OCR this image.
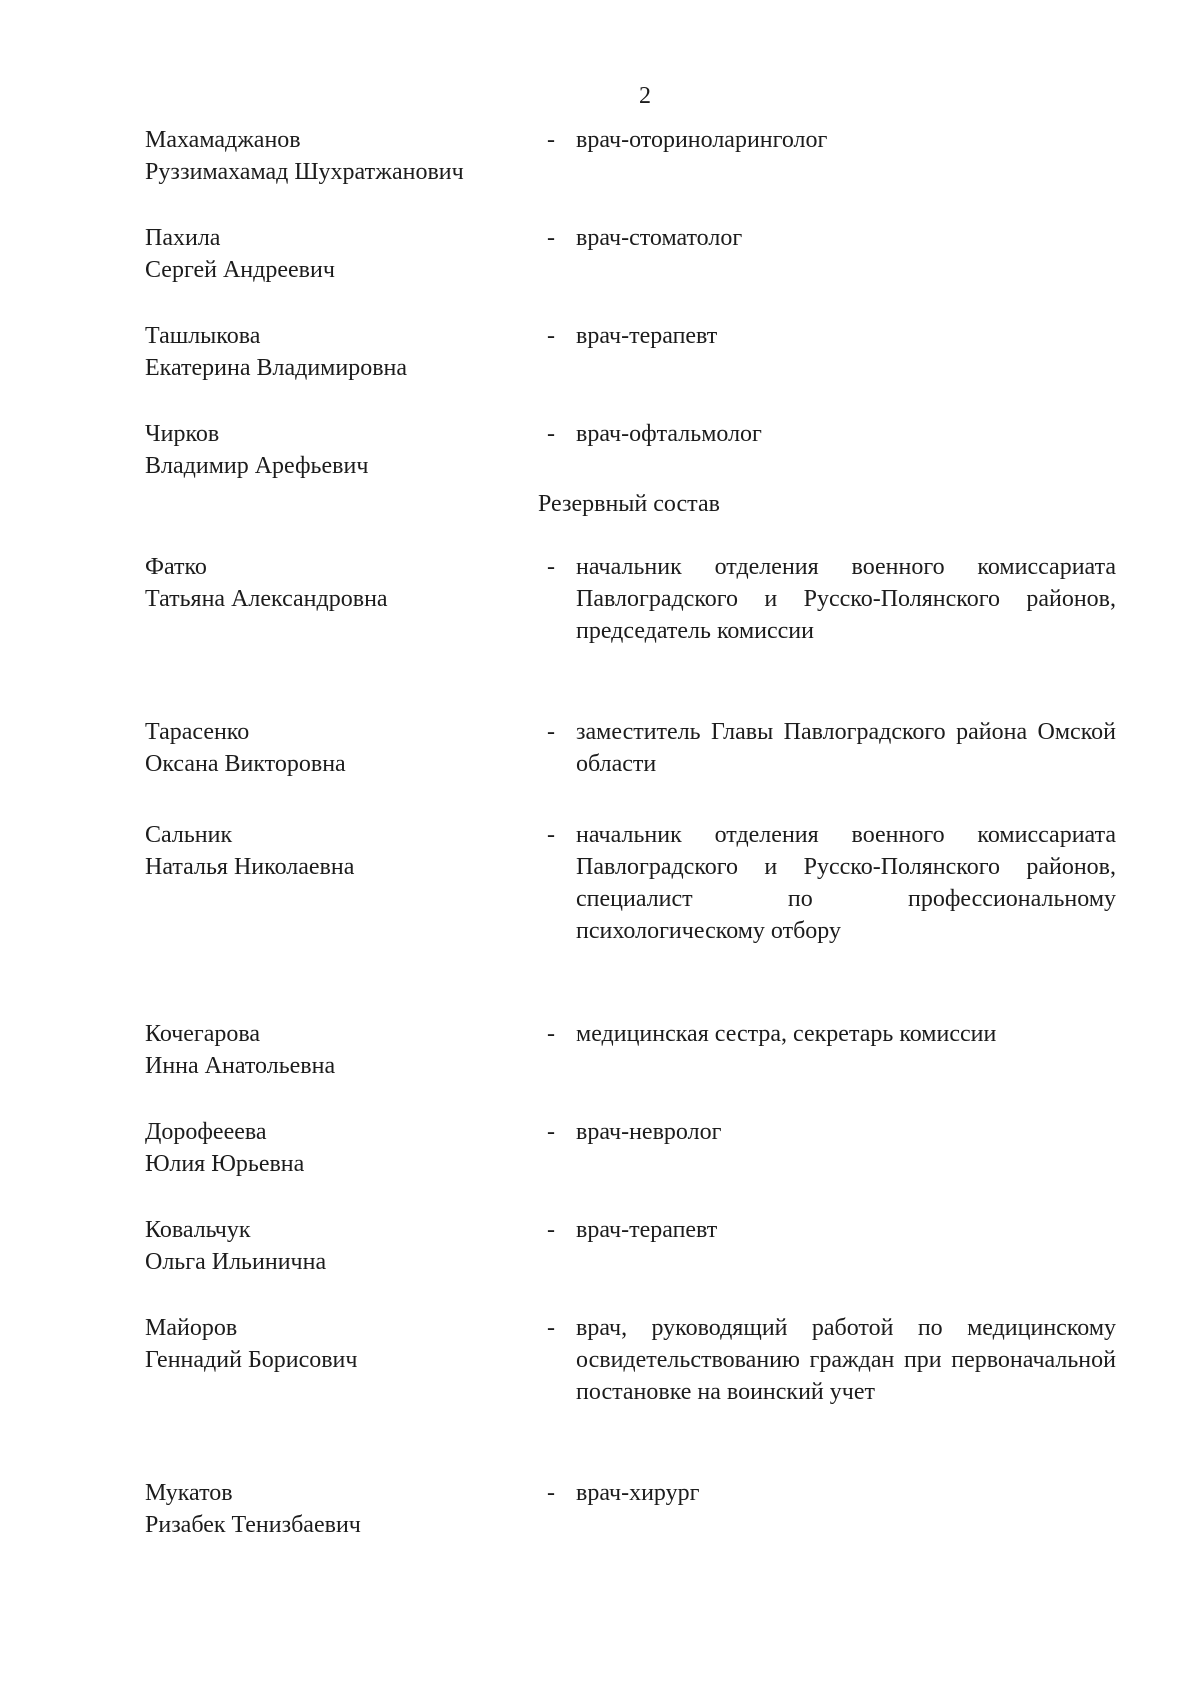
2
Махамаджанов
Руззимахамад Шухратжанович
- врач-оториноларинголог
Пахила
Сергей Андреевич
- врач-стоматолог
Ташлыкова
Екатерина Владимировна
- врач-терапевт
Чирков
Владимир Арефьевич
- врач-офтальмолог
Резервный состав
Фатко
Татьяна Александровна
- начальник отделения военного комиссариата Павлоградского и Русско-Полянского районов, председатель комиссии
Тарасенко
Оксана Викторовна
- заместитель Главы Павлоградского района Омской области
Сальник
Наталья Николаевна
- начальник отделения военного комиссариата Павлоградского и Русско-Полянского районов, специалист по профессиональному психологическому отбору
Кочегарова
Инна Анатольевна
- медицинская сестра, секретарь комиссии
Дорофееева
Юлия Юрьевна
- врач-невролог
Ковальчук
Ольга Ильинична
- врач-терапевт
Майоров
Геннадий Борисович
- врач, руководящий работой по медицинскому освидетельствованию граждан при первоначальной постановке на воинский учет
Мукатов
Ризабек Тенизбаевич
- врач-хирург
